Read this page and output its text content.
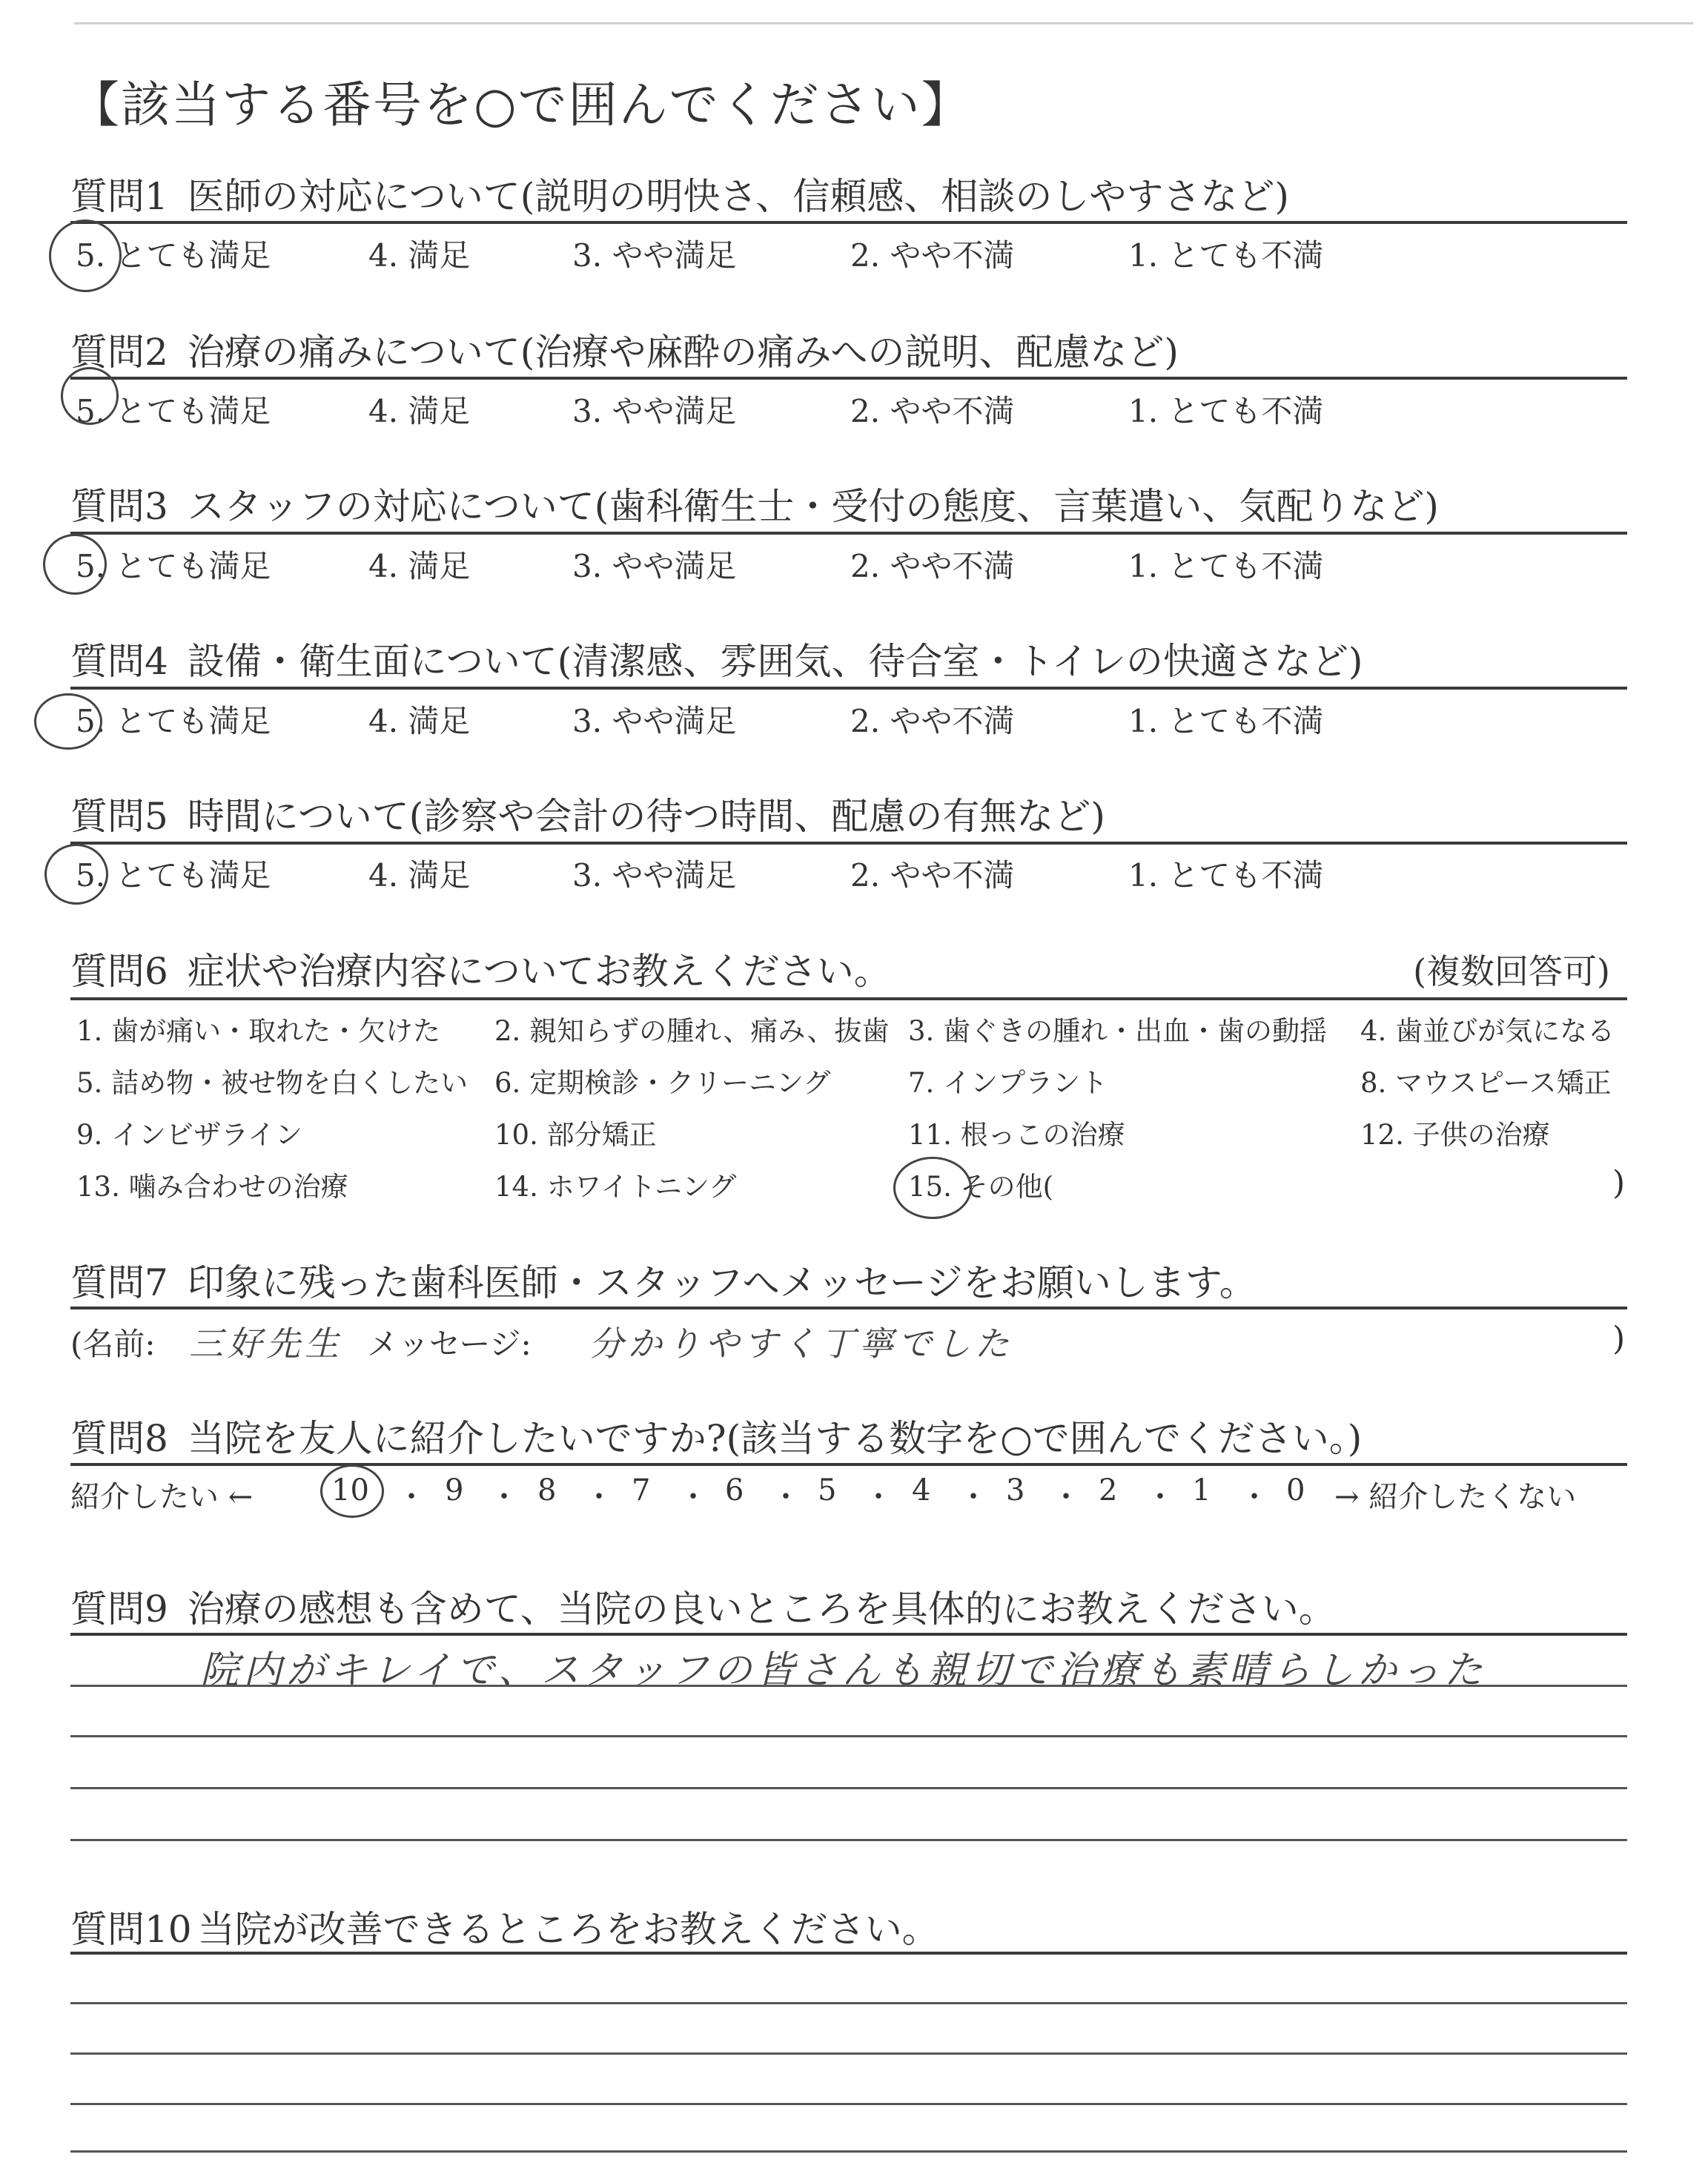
【該当する番号を○で囲んでください】
質問1 医師の対応について(説明の明快さ、信頼感、相談のしやすさなど)
5. とても満足	4. 満足	3. やや満足	2. やや不満	1. とても不満
質問2 治療の痛みについて(治療や麻酔の痛みへの説明、配慮など)
5. とても満足	4. 満足	3. やや満足	2. やや不満	1. とても不満
質問3 スタッフの対応について(歯科衛生士・受付の態度、言葉遣い、気配りなど)
5. とても満足	4. 満足	3. やや満足	2. やや不満	1. とても不満
質問4 設備・衛生面について(清潔感、雰囲気、待合室・トイレの快適さなど)
5. とても満足	4. 満足	3. やや満足	2. やや不満	1. とても不満
質問5 時間について(診察や会計の待つ時間、配慮の有無など)
5. とても満足	4. 満足	3. やや満足	2. やや不満	1. とても不満
質問6 症状や治療内容についてお教えください。	(複数回答可)
1. 歯が痛い・取れた・欠けた 2. 親知らずの腫れ、痛み、抜歯 3. 歯ぐきの腫れ・出血・歯の動揺 4. 歯並びが気になる
5. 詰め物・被せ物を白くしたい 6. 定期検診・クリーニング	7. インプラント	8. マウスピース矯正
9. インビザライン	10. 部分矯正	11. 根っこの治療	12. 子供の治療
13. 噛み合わせの治療	14. ホワイトニング	15. その他(	)
質問7 印象に残った歯科医師・スタッフへメッセージをお願いします。
(名前: 三好先生 メッセージ: 分かりやすく丁寧でした	)
質問8 当院を友人に紹介したいですか?(該当する数字を○で囲んでください。)
紹介したい ←	10 ・ 9 ・ 8 ・ 7 ・ 6 ・ 5 ・ 4 ・ 3 ・ 2 ・ 1 ・ 0 → 紹介したくない
質問9 治療の感想も含めて、当院の良いところを具体的にお教えください。
院内がキレイで、スタッフの皆さんも親切で治療も素晴らしかった
質問10 当院が改善できるところをお教えください。
